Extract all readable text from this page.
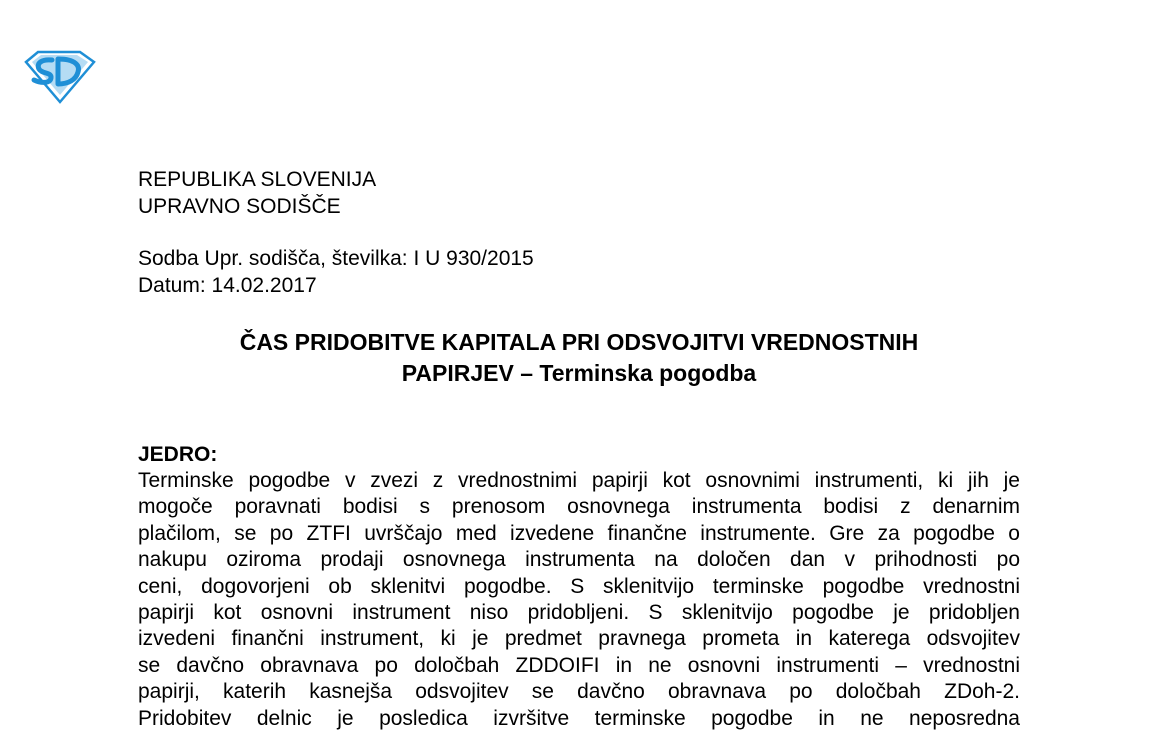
REPUBLIKA SLOVENIJA
UPRAVNO SODIŠČE
Sodba Upr. sodišča, številka: I U 930/2015
Datum: 14.02.2017
ČAS PRIDOBITVE KAPITALA PRI ODSVOJITVI VREDNOSTNIH
PAPIRJEV – Terminska pogodba
JEDRO:
Terminske pogodbe v zvezi z vrednostnimi papirji kot osnovnimi instrumenti, ki jih je
mogoče poravnati bodisi s prenosom osnovnega instrumenta bodisi z denarnim
plačilom, se po ZTFI uvrščajo med izvedene finančne instrumente. Gre za pogodbe o
nakupu oziroma prodaji osnovnega instrumenta na določen dan v prihodnosti po
ceni, dogovorjeni ob sklenitvi pogodbe. S sklenitvijo terminske pogodbe vrednostni
papirji kot osnovni instrument niso pridobljeni. S sklenitvijo pogodbe je pridobljen
izvedeni finančni instrument, ki je predmet pravnega prometa in katerega odsvojitev
se davčno obravnava po določbah ZDDOIFI in ne osnovni instrumenti – vrednostni
papirji, katerih kasnejša odsvojitev se davčno obravnava po določbah ZDoh-2.
Pridobitev delnic je posledica izvršitve terminske pogodbe in ne neposredna
